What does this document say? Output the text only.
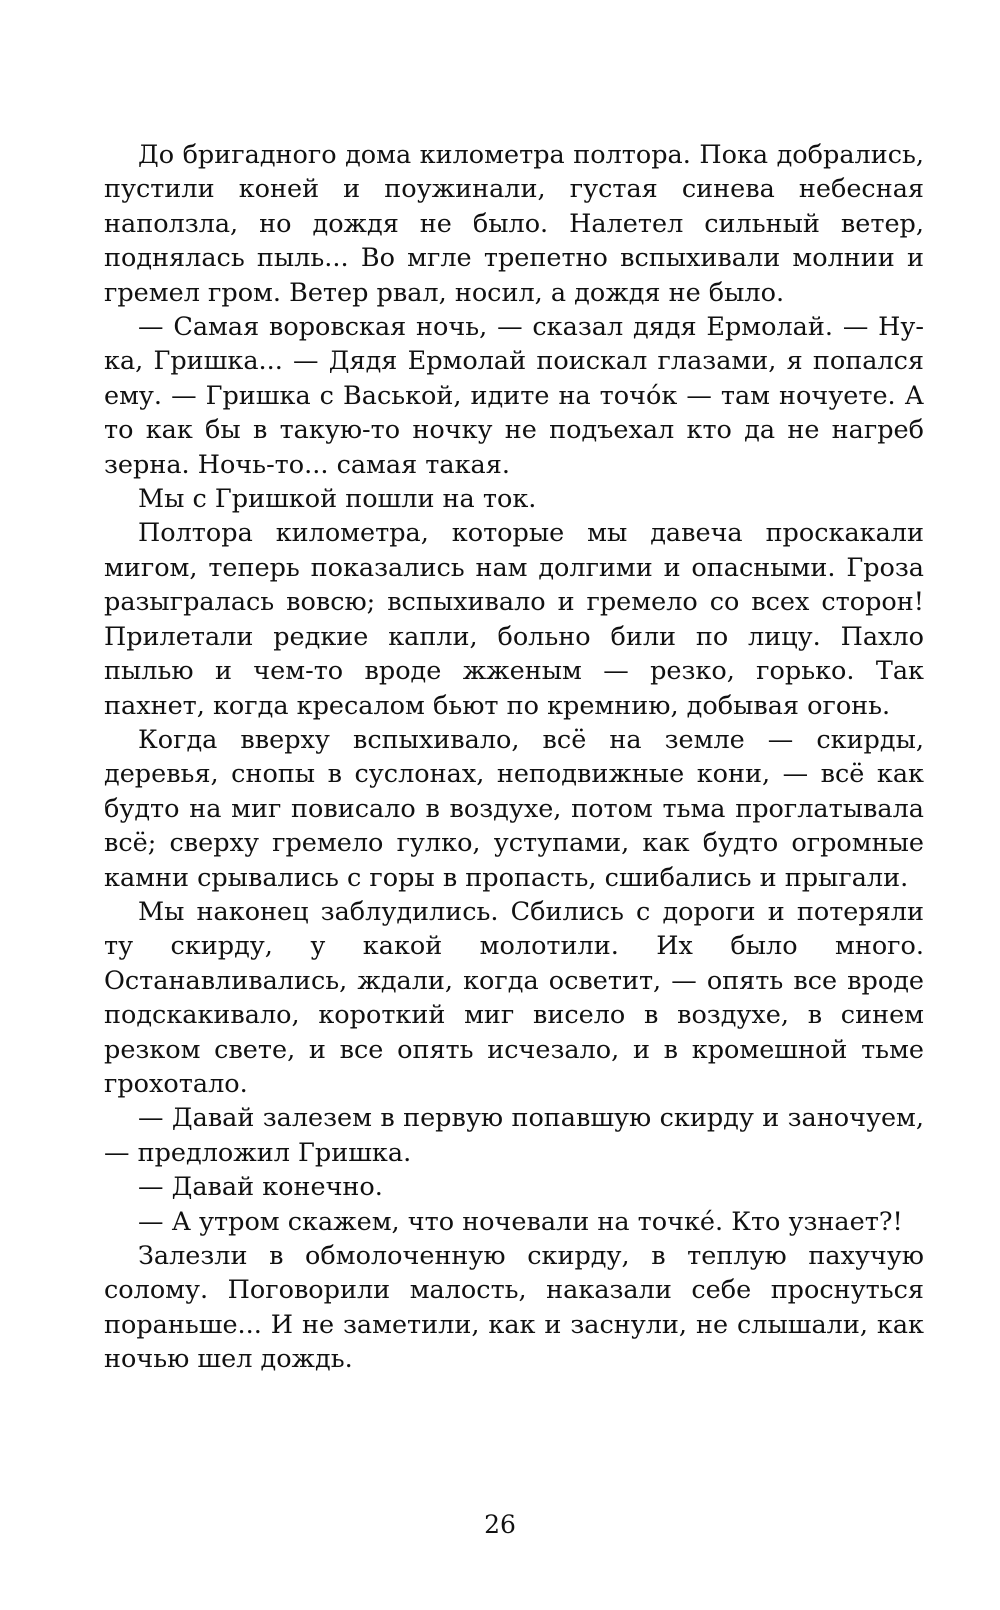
До бригадного дома километра полтора. Пока добрались, пустили коней и поужинали, густая синева небесная наползла, но дождя не было. Налетел сильный ветер, поднялась пыль... Во мгле трепетно вспыхивали молнии и гремел гром. Ветер рвал, носил, а дождя не было.

— Самая воровская ночь, — сказал дядя Ермолай. — Ну-ка, Гришка... — Дядя Ермолай поискал глазами, я попался ему. — Гришка с Васькой, идите на точо́к — там ночуете. А то как бы в такую-то ночку не подъехал кто да не нагреб зерна. Ночь-то... самая такая.

Мы с Гришкой пошли на ток.

Полтора километра, которые мы давеча проскакали мигом, теперь показались нам долгими и опасными. Гроза разыгралась вовсю; вспыхивало и гремело со всех сторон! Прилетали редкие капли, больно били по лицу. Пахло пылью и чем-то вроде жженым — резко, горько. Так пахнет, когда кресалом бьют по кремнию, добывая огонь.

Когда вверху вспыхивало, всё на земле — скирды, деревья, снопы в суслонах, неподвижные кони, — всё как будто на миг повисало в воздухе, потом тьма проглатывала всё; сверху гремело гулко, уступами, как будто огромные камни срывались с горы в пропасть, сшибались и прыгали.

Мы наконец заблудились. Сбились с дороги и потеряли ту скирду, у какой молотили. Их было много. Останавливались, ждали, когда осветит, — опять все вроде подскакивало, короткий миг висело в воздухе, в синем резком свете, и все опять исчезало, и в кромешной тьме грохотало.

— Давай залезем в первую попавшую скирду и заночуем, — предложил Гришка.

— Давай конечно.

— А утром скажем, что ночевали на точке́. Кто узнает?!

Залезли в обмолоченную скирду, в теплую пахучую солому. Поговорили малость, наказали себе проснуться пораньше... И не заметили, как и заснули, не слышали, как ночью шел дождь.

26
